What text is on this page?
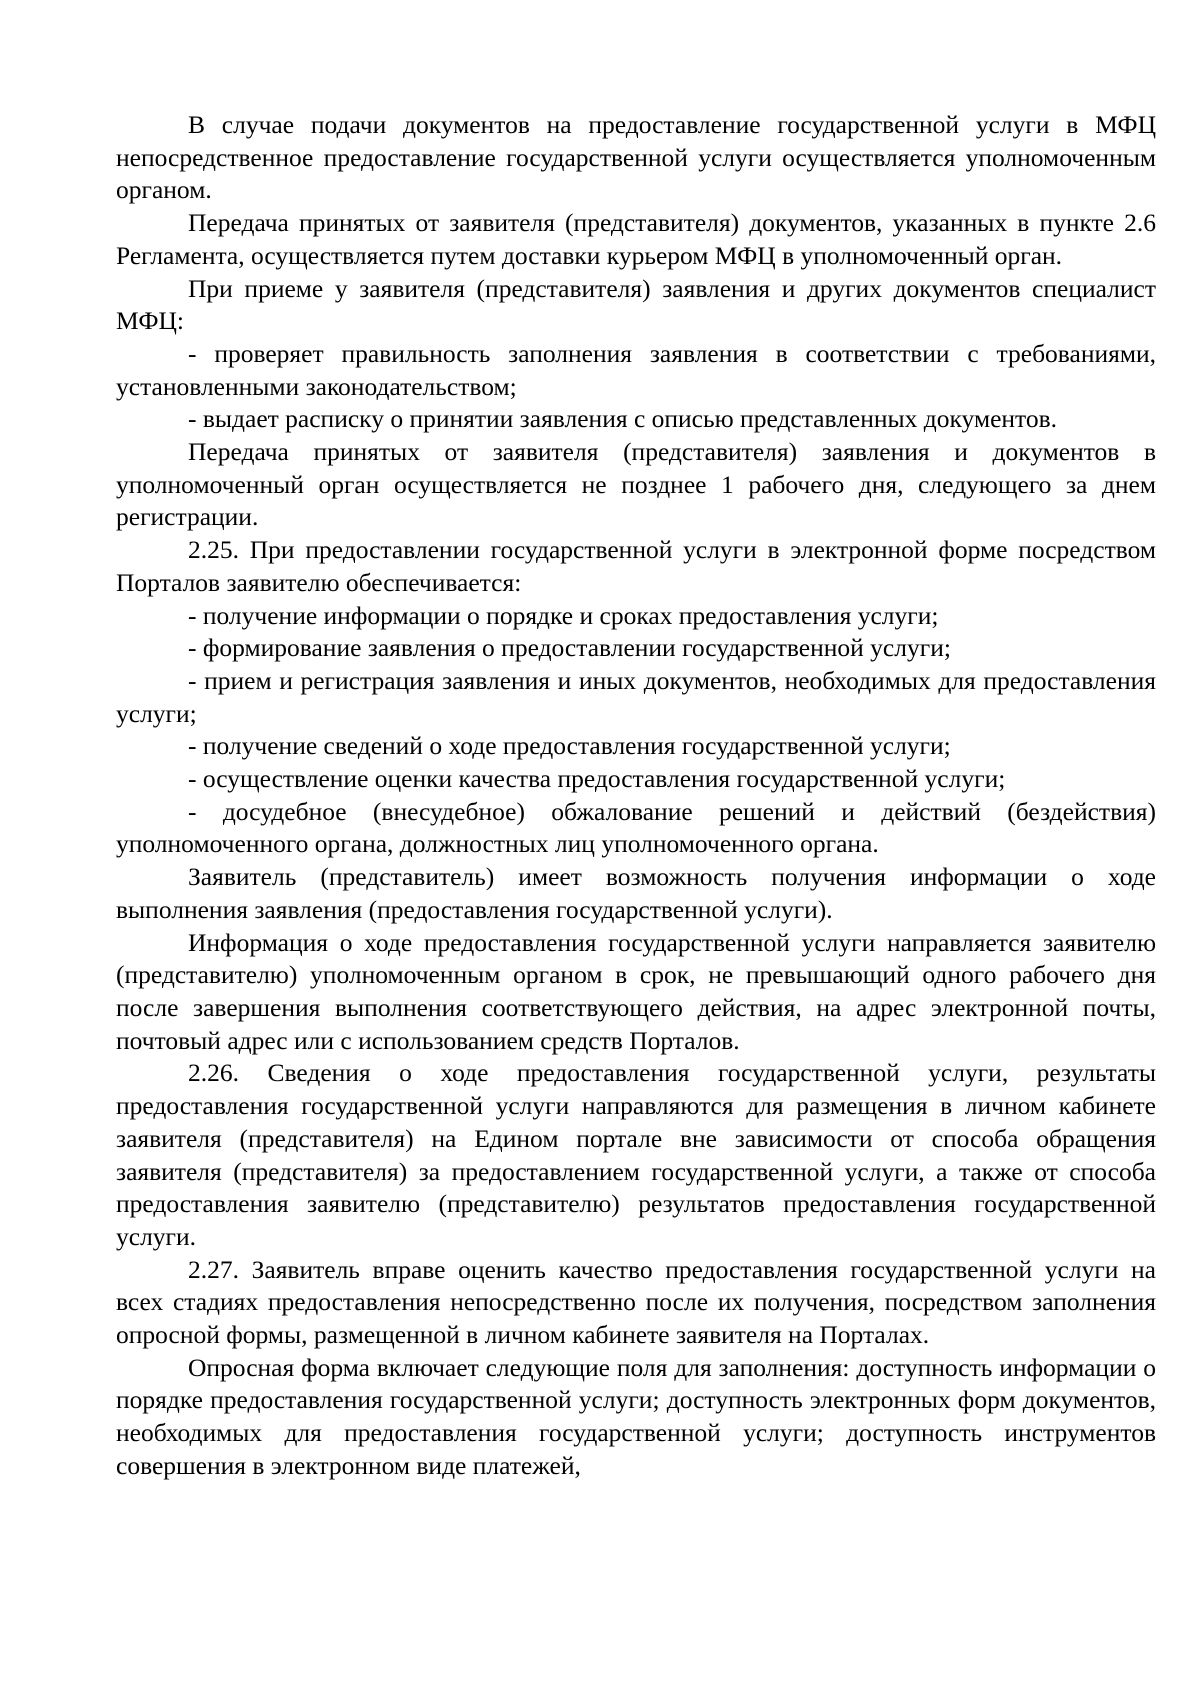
В случае подачи документов на предоставление государственной услуги в МФЦ непосредственное предоставление государственной услуги осуществляется уполномоченным органом.

Передача принятых от заявителя (представителя) документов, указанных в пункте 2.6 Регламента, осуществляется путем доставки курьером МФЦ в уполномоченный орган.

При приеме у заявителя (представителя) заявления и других документов специалист МФЦ:

- проверяет правильность заполнения заявления в соответствии с требованиями, установленными законодательством;

- выдает расписку о принятии заявления с описью представленных документов.

Передача принятых от заявителя (представителя) заявления и документов в уполномоченный орган осуществляется не позднее 1 рабочего дня, следующего за днем регистрации.

2.25. При предоставлении государственной услуги в электронной форме посредством Порталов заявителю обеспечивается:

- получение информации о порядке и сроках предоставления услуги;

- формирование заявления о предоставлении государственной услуги;

- прием и регистрация заявления и иных документов, необходимых для предоставления услуги;

- получение сведений о ходе предоставления государственной услуги;

- осуществление оценки качества предоставления государственной услуги;

- досудебное (внесудебное) обжалование решений и действий (бездействия) уполномоченного органа, должностных лиц уполномоченного органа.

Заявитель (представитель) имеет возможность получения информации о ходе выполнения заявления (предоставления государственной услуги).

Информация о ходе предоставления государственной услуги направляется заявителю (представителю) уполномоченным органом в срок, не превышающий одного рабочего дня после завершения выполнения соответствующего действия, на адрес электронной почты, почтовый адрес или с использованием средств Порталов.

2.26. Сведения о ходе предоставления государственной услуги, результаты предоставления государственной услуги направляются для размещения в личном кабинете заявителя (представителя) на Едином портале вне зависимости от способа обращения заявителя (представителя) за предоставлением государственной услуги, а также от способа предоставления заявителю (представителю) результатов предоставления государственной услуги.

2.27. Заявитель вправе оценить качество предоставления государственной услуги на всех стадиях предоставления непосредственно после их получения, посредством заполнения опросной формы, размещенной в личном кабинете заявителя на Порталах.

Опросная форма включает следующие поля для заполнения: доступность информации о порядке предоставления государственной услуги; доступность электронных форм документов, необходимых для предоставления государственной услуги; доступность инструментов совершения в электронном виде платежей,
